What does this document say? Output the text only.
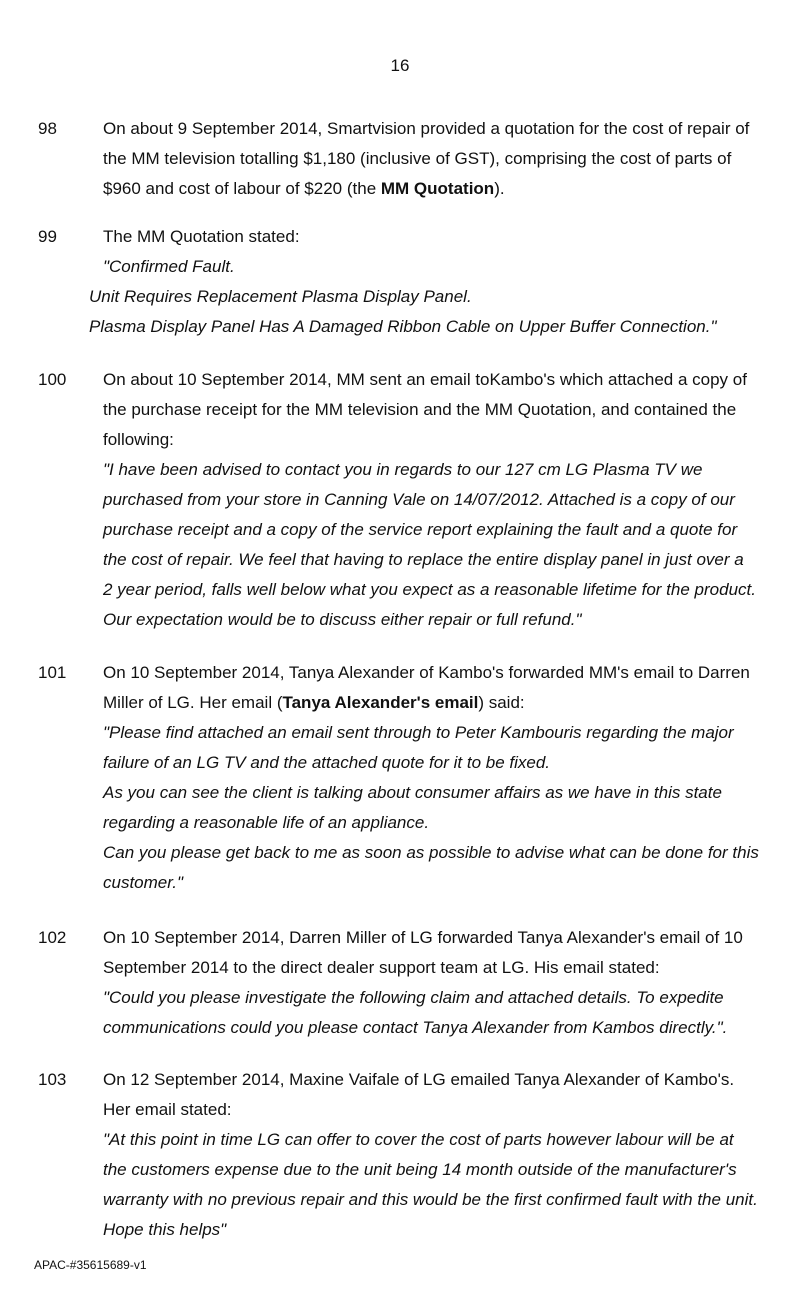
16
98	On about 9 September 2014, Smartvision provided a quotation for the cost of repair of
the MM television totalling $1,180 (inclusive of GST), comprising the cost of parts of
$960 and cost of labour of $220 (the MM Quotation).
99	The MM Quotation stated:
"Confirmed Fault.
Unit Requires Replacement Plasma Display Panel.
Plasma Display Panel Has A Damaged Ribbon Cable on Upper Buffer Connection."
100	On about 10 September 2014, MM sent an email toKambo's which attached a copy of
the purchase receipt for the MM television and the MM Quotation, and contained the
following:
"I have been advised to contact you in regards to our 127 cm LG Plasma TV we
purchased from your store in Canning Vale on 14/07/2012. Attached is a copy of our
purchase receipt and a copy of the service report explaining the fault and a quote for
the cost of repair. We feel that having to replace the entire display panel in just over a
2 year period, falls well below what you expect as a reasonable lifetime for the product.
Our expectation would be to discuss either repair or full refund."
101	On 10 September 2014, Tanya Alexander of Kambo's forwarded MM's email to Darren
Miller of LG. Her email (Tanya Alexander's email) said:
"Please find attached an email sent through to Peter Kambouris regarding the major
failure of an LG TV and the attached quote for it to be fixed.
As you can see the client is talking about consumer affairs as we have in this state
regarding a reasonable life of an appliance.
Can you please get back to me as soon as possible to advise what can be done for this
customer."
102	On 10 September 2014, Darren Miller of LG forwarded Tanya Alexander's email of 10
September 2014 to the direct dealer support team at LG. His email stated:
"Could you please investigate the following claim and attached details. To expedite
communications could you please contact Tanya Alexander from Kambos directly.".
103	On 12 September 2014, Maxine Vaifale of LG emailed Tanya Alexander of Kambo's.
Her email stated:
"At this point in time LG can offer to cover the cost of parts however labour will be at
the customers expense due to the unit being 14 month outside of the manufacturer's
warranty with no previous repair and this would be the first confirmed fault with the unit.
Hope this helps"
APAC-#35615689-v1
